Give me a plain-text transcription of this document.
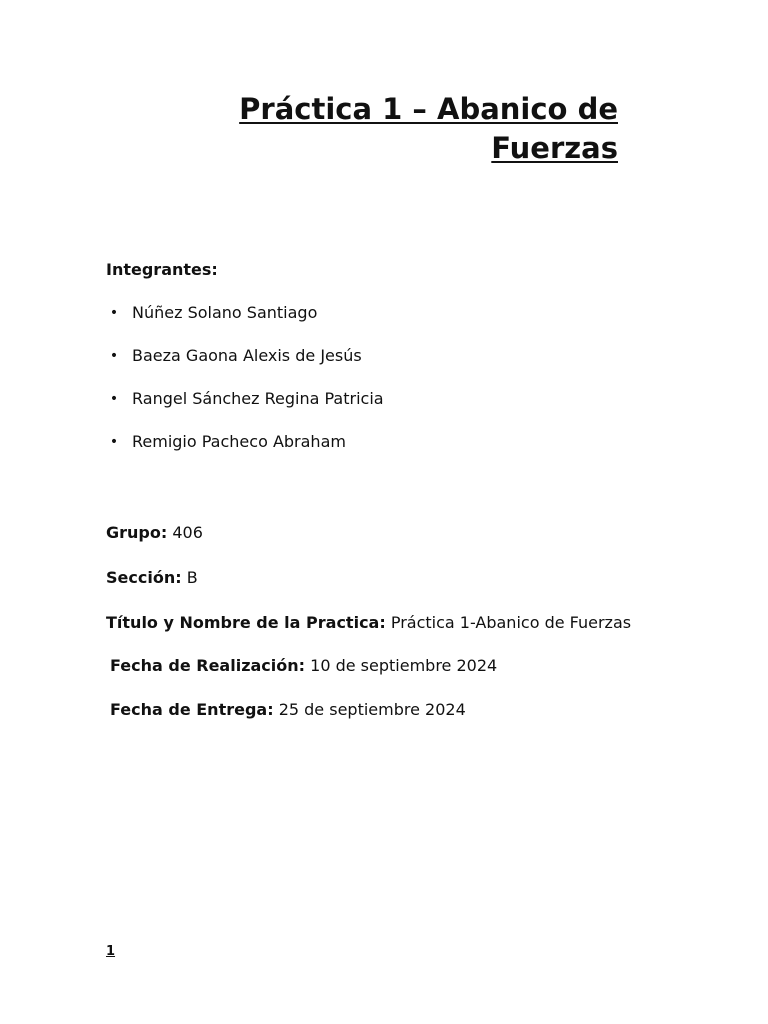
Práctica 1 – Abanico de Fuerzas
Integrantes:
• Núñez Solano Santiago
• Baeza Gaona Alexis de Jesús
• Rangel Sánchez Regina Patricia
• Remigio Pacheco Abraham
Grupo: 406
Sección: B
Título y Nombre de la Practica: Práctica 1-Abanico de Fuerzas
Fecha de Realización: 10 de septiembre 2024
Fecha de Entrega: 25 de septiembre 2024
1
